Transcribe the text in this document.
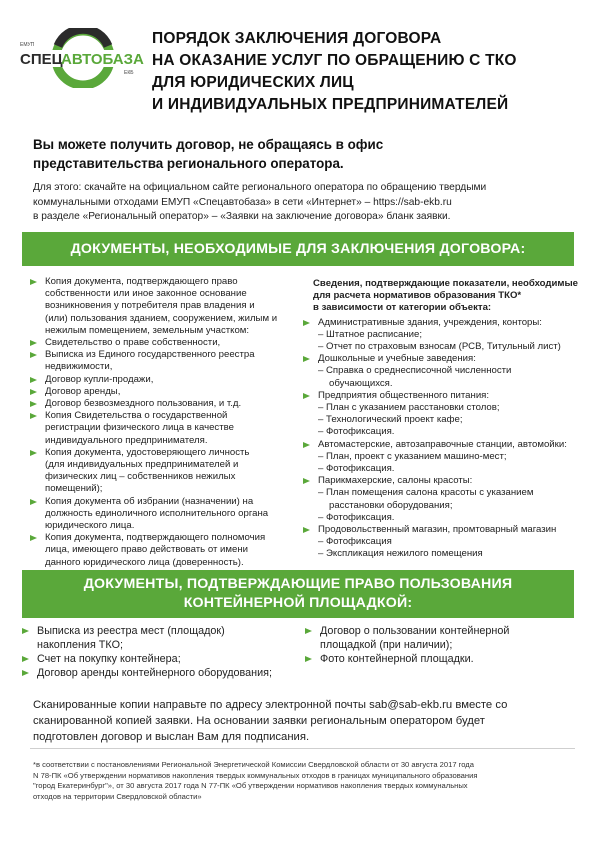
СПЕЦ
АВТОБАЗА
ЕМУП
ЕКБ
ПОРЯДОК ЗАКЛЮЧЕНИЯ ДОГОВОРА
НА ОКАЗАНИЕ УСЛУГ ПО ОБРАЩЕНИЮ С ТКО
ДЛЯ ЮРИДИЧЕСКИХ ЛИЦ
И ИНДИВИДУАЛЬНЫХ ПРЕДПРИНИМАТЕЛЕЙ
Вы можете получить договор, не обращаясь в офис
представительства регионального оператора.
Для этого: скачайте на официальном сайте регионального оператора по обращению твердыми
коммунальными отходами ЕМУП «Спецавтобаза» в сети «Интернет» – https://sab-ekb.ru
в разделе «Региональный оператор» – «Заявки на заключение договора» бланк заявки.
ДОКУМЕНТЫ, НЕОБХОДИМЫЕ ДЛЯ ЗАКЛЮЧЕНИЯ ДОГОВОРА:
Копия документа, подтверждающего право
собственности или иное законное основание
возникновения у потребителя прав владения и
(или) пользования зданием, сооружением, жилым и
нежилым помещением, земельным участком:
Свидетельство о праве собственности,
Выписка из Единого государственного реестра
недвижимости,
Договор купли-продажи,
Договор аренды,
Договор безвозмездного пользования, и т.д.
Копия Свидетельства о государственной
регистрации физического лица в качестве
индивидуального предпринимателя.
Копия документа, удостоверяющего личность
(для индивидуальных предпринимателей и
физических лиц – собственников нежилых
помещений);
Копия документа об избрании (назначении) на
должность единоличного исполнительного органа
юридического лица.
Копия документа, подтверждающего полномочия
лица, имеющего право действовать от имени
данного юридического лица (доверенность).
Сведения, подтверждающие показатели, необходимые
для расчета нормативов образования ТКО*
в зависимости от категории объекта:
Административные здания, учреждения, конторы:
– Штатное расписание;
– Отчет по страховым взносам (РСВ, Титульный лист)
Дошкольные и учебные заведения:
– Справка о среднесписочной численности
обучающихся.
Предприятия общественного питания:
– План с указанием расстановки столов;
– Технологический проект кафе;
– Фотофиксация.
Автомастерские, автозаправочные станции, автомойки:
– План, проект с указанием машино-мест;
– Фотофиксация.
Парикмахерские, салоны красоты:
– План помещения салона красоты с указанием
расстановки оборудования;
– Фотофиксация.
Продовольственный магазин, промтоварный магазин
– Фотофиксация
– Экспликация нежилого помещения
ДОКУМЕНТЫ, ПОДТВЕРЖДАЮЩИЕ ПРАВО ПОЛЬЗОВАНИЯ
КОНТЕЙНЕРНОЙ ПЛОЩАДКОЙ:
Выписка из реестра мест (площадок)
накопления ТКО;
Счет на покупку контейнера;
Договор аренды контейнерного оборудования;
Договор о пользовании контейнерной
площадкой (при наличии);
Фото контейнерной площадки.
Сканированные копии направьте по адресу электронной почты sab@sab-ekb.ru вместе со
сканированной копией заявки. На основании заявки региональным оператором будет
подготовлен договор и выслан Вам для подписания.
*в соответствии с постановлениями Региональной Энергетической Комиссии Свердловской области от 30 августа 2017 года
N 78-ПК «Об утверждении нормативов накопления твердых коммунальных отходов в границах муниципального образования
"город Екатеринбург"», от 30 августа 2017 года N 77-ПК «Об утверждении нормативов накопления твердых коммунальных
отходов на территории Свердловской области»
